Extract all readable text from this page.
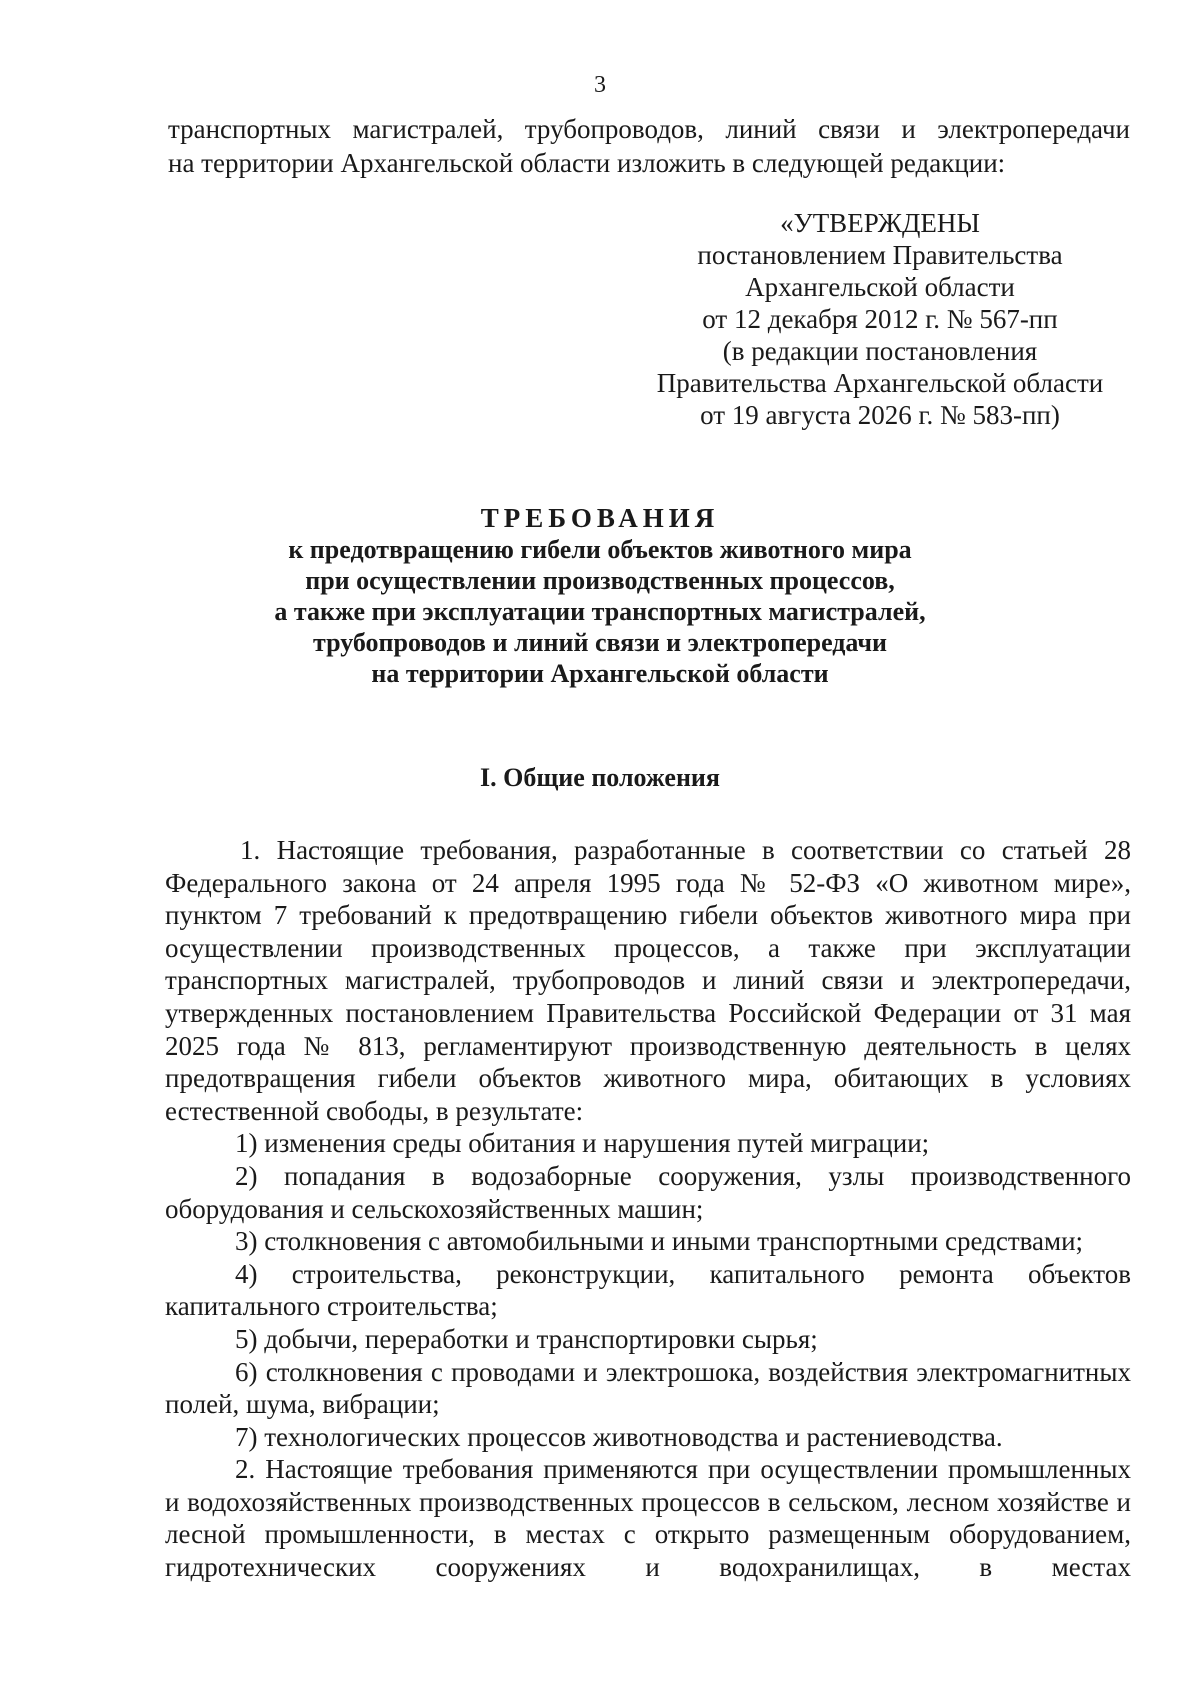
3
транспортных магистралей, трубопроводов, линий связи и электропередачи
на территории Архангельской области изложить в следующей редакции:
«УТВЕРЖДЕНЫ
постановлением Правительства
Архангельской области
от 12 декабря 2012 г. № 567-пп
(в редакции постановления
Правительства Архангельской области
от 19 августа 2026 г. № 583-пп)
ТРЕБОВАНИЯ
к предотвращению гибели объектов животного мира
при осуществлении производственных процессов,
а также при эксплуатации транспортных магистралей,
трубопроводов и линий связи и электропередачи
на территории Архангельской области
I. Общие положения

1. Настоящие требования, разработанные в соответствии со статьей 28 Федерального закона от 24 апреля 1995 года № 52-ФЗ «О животном мире», пунктом 7 требований к предотвращению гибели объектов животного мира при осуществлении производственных процессов, а также при эксплуатации транспортных магистралей, трубопроводов и линий связи и электропередачи, утвержденных постановлением Правительства Российской Федерации от 31 мая 2025 года № 813, регламентируют производственную деятельность в целях предотвращения гибели объектов животного мира, обитающих в условиях естественной свободы, в результате:

1) изменения среды обитания и нарушения путей миграции;

2) попадания в водозаборные сооружения, узлы производственного оборудования и сельскохозяйственных машин;

3) столкновения с автомобильными и иными транспортными средствами;

4) строительства, реконструкции, капитального ремонта объектов капитального строительства;

5) добычи, переработки и транспортировки сырья;

6) столкновения с проводами и электрошока, воздействия электромагнитных полей, шума, вибрации;

7) технологических процессов животноводства и растениеводства.

2. Настоящие требования применяются при осуществлении промышленных и водохозяйственных производственных процессов в сельском, лесном хозяйстве и лесной промышленности, в местах с открыто размещенным оборудованием, гидротехнических сооружениях и водохранилищах, в местах
